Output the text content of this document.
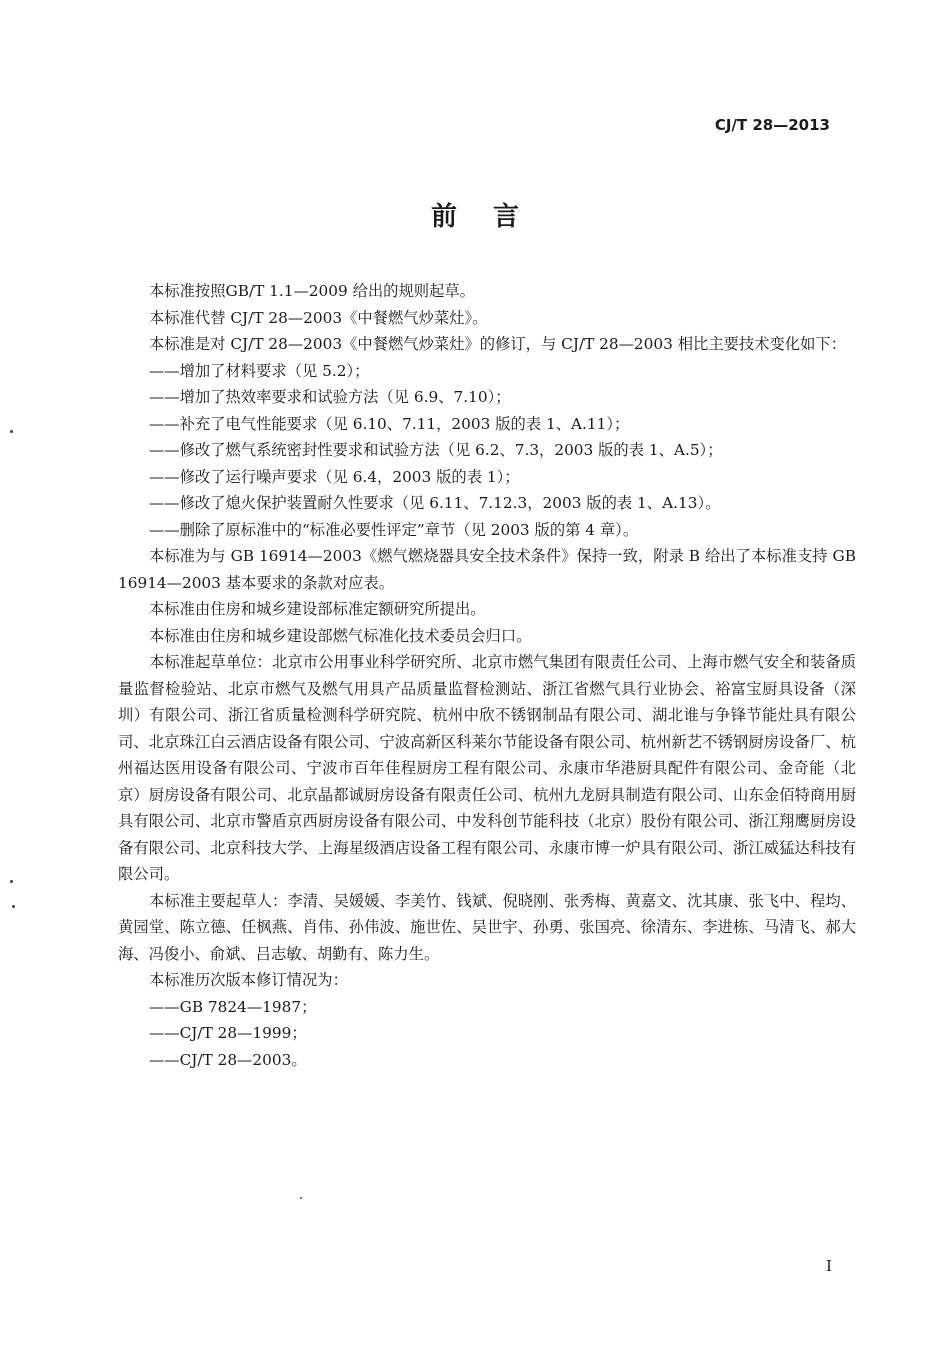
CJ/T 28—2013
前言

本标准按照GB/T 1.1—2009 给出的规则起草。

本标准代替 CJ/T 28—2003《中餐燃气炒菜灶》。

本标准是对 CJ/T 28—2003《中餐燃气炒菜灶》的修订，与 CJ/T 28—2003 相比主要技术变化如下：

——增加了材料要求（见 5.2）；

——增加了热效率要求和试验方法（见 6.9、7.10）；

——补充了电气性能要求（见 6.10、7.11，2003 版的表 1、A.11）；

——修改了燃气系统密封性要求和试验方法（见 6.2、7.3，2003 版的表 1、A.5）；

——修改了运行噪声要求（见 6.4，2003 版的表 1）；

——修改了熄火保护装置耐久性要求（见 6.11、7.12.3，2003 版的表 1、A.13）。

——删除了原标准中的“标准必要性评定”章节（见 2003 版的第 4 章）。

本标准为与 GB 16914—2003《燃气燃烧器具安全技术条件》保持一致，附录 B 给出了本标准支持 GB 16914—2003 基本要求的条款对应表。

本标准由住房和城乡建设部标准定额研究所提出。

本标准由住房和城乡建设部燃气标准化技术委员会归口。

本标准起草单位：北京市公用事业科学研究所、北京市燃气集团有限责任公司、上海市燃气安全和装备质量监督检验站、北京市燃气及燃气用具产品质量监督检测站、浙江省燃气具行业协会、裕富宝厨具设备（深圳）有限公司、浙江省质量检测科学研究院、杭州中欣不锈钢制品有限公司、湖北谁与争锋节能灶具有限公司、北京珠江白云酒店设备有限公司、宁波高新区科莱尔节能设备有限公司、杭州新艺不锈钢厨房设备厂、杭州福达医用设备有限公司、宁波市百年佳程厨房工程有限公司、永康市华港厨具配件有限公司、金奇能（北京）厨房设备有限公司、北京晶都诚厨房设备有限责任公司、杭州九龙厨具制造有限公司、山东金佰特商用厨具有限公司、北京市警盾京西厨房设备有限公司、中发科创节能科技（北京）股份有限公司、浙江翔鹰厨房设备有限公司、北京科技大学、上海星级酒店设备工程有限公司、永康市博一炉具有限公司、浙江威猛达科技有限公司。

本标准主要起草人：李清、吴媛媛、李美竹、钱斌、倪晓刚、张秀梅、黄嘉文、沈其康、张飞中、程均、黄园堂、陈立德、任枫燕、肖伟、孙伟波、施世佐、吴世宇、孙勇、张国亮、徐清东、李进栋、马清飞、郝大海、冯俊小、俞斌、吕志敏、胡勤有、陈力生。

本标准历次版本修订情况为：

——GB 7824—1987；

——CJ/T 28—1999；

——CJ/T 28—2003。

I
